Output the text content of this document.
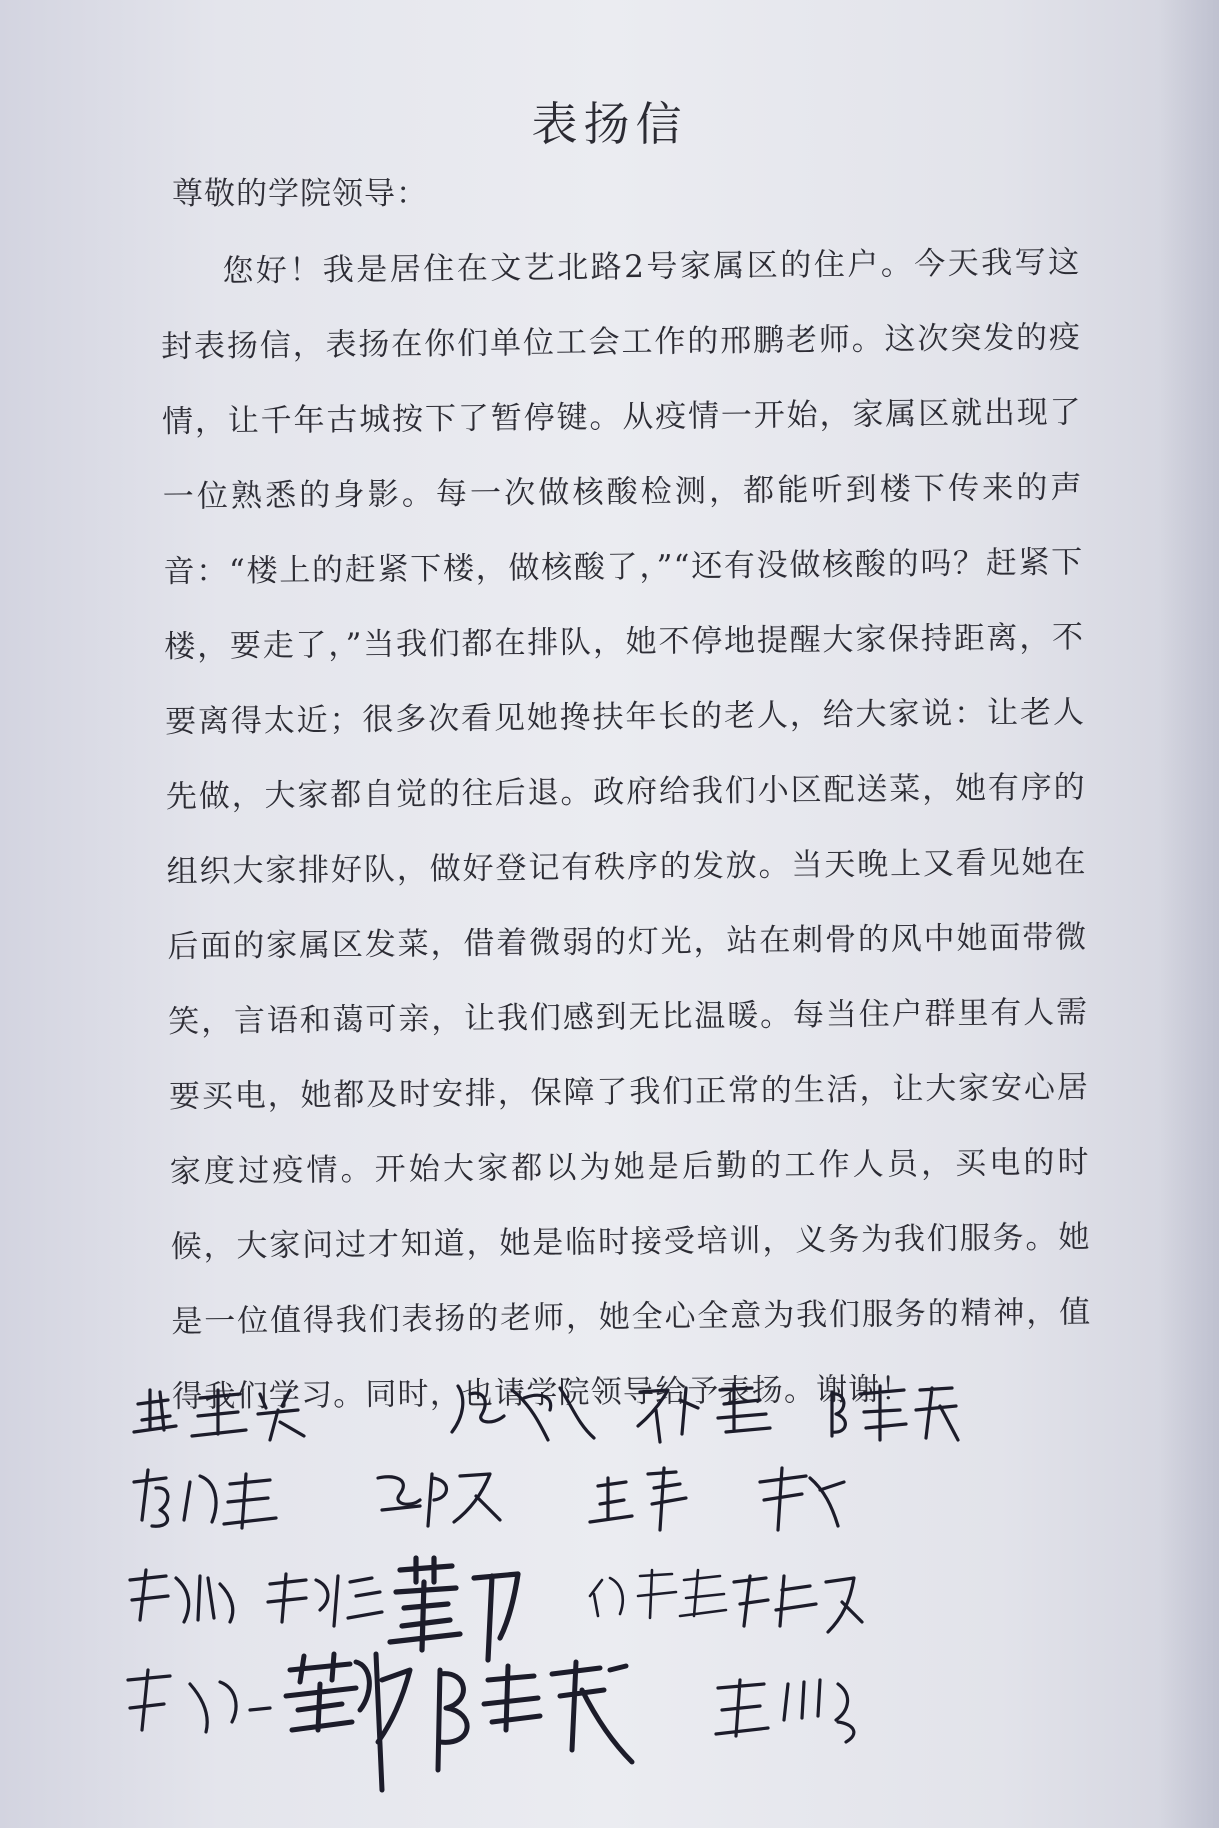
表扬信
尊敬的学院领导：

您好！我是居住在文艺北路2号家属区的住户。今天我写这封表扬信，表扬在你们单位工会工作的邢鹏老师。这次突发的疫情，让千年古城按下了暂停键。从疫情一开始，家属区就出现了一位熟悉的身影。每一次做核酸检测，都能听到楼下传来的声音：“楼上的赶紧下楼，做核酸了，”“还有没做核酸的吗？赶紧下楼，要走了，”当我们都在排队，她不停地提醒大家保持距离，不要离得太近；很多次看见她搀扶年长的老人，给大家说：让老人先做，大家都自觉的往后退。政府给我们小区配送菜，她有序的组织大家排好队，做好登记有秩序的发放。当天晚上又看见她在后面的家属区发菜，借着微弱的灯光，站在刺骨的风中她面带微笑，言语和蔼可亲，让我们感到无比温暖。每当住户群里有人需要买电，她都及时安排，保障了我们正常的生活，让大家安心居家度过疫情。开始大家都以为她是后勤的工作人员，买电的时候，大家问过才知道，她是临时接受培训，义务为我们服务。她是一位值得我们表扬的老师，她全心全意为我们服务的精神，值得我们学习。同时，也请学院领导给予表扬。谢谢！
